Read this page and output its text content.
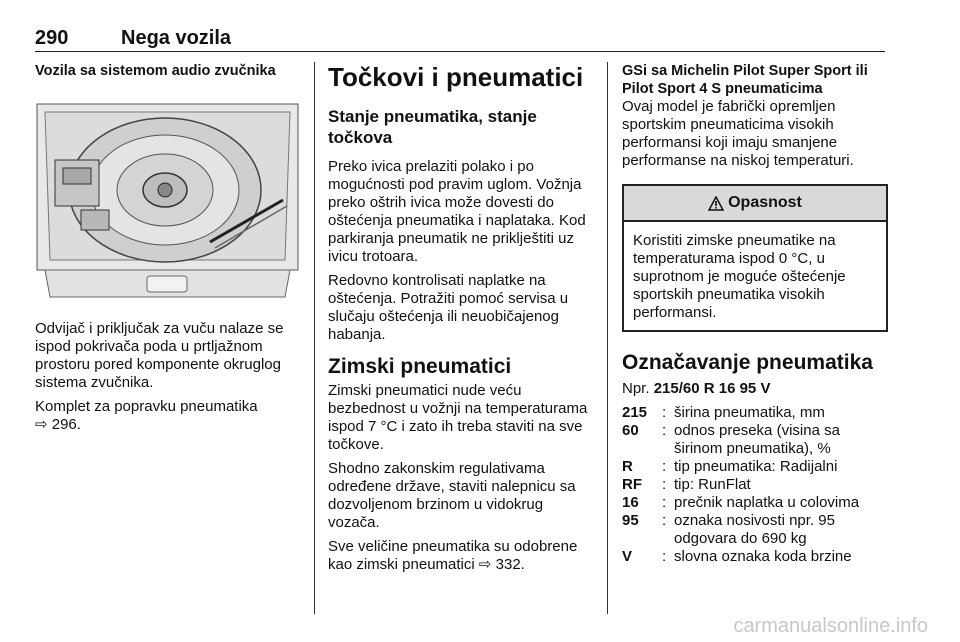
290	Nega vozila

Vozila sa sistemom audio zvučnika

Odvijač i priključak za vuču nalaze se ispod pokrivača poda u prtljažnom prostoru pored komponente okruglog sistema zvučnika.

Komplet za popravku pneumatika
⇨ 296.

Točkovi i pneumatici

Stanje pneumatika, stanje točkova

Preko ivica prelaziti polako i po mogućnosti pod pravim uglom. Vožnja preko oštrih ivica može dovesti do oštećenja pneumatika i naplataka. Kod parkiranja pneumatik ne priklještiti uz ivicu trotoara.

Redovno kontrolisati naplatke na oštećenja. Potražiti pomoć servisa u slučaju oštećenja ili neuobičajenog habanja.

Zimski pneumatici

Zimski pneumatici nude veću bezbednost u vožnji na temperaturama ispod 7 °C i zato ih treba staviti na sve točkove.

Shodno zakonskim regulativama određene države, staviti nalepnicu sa dozvoljenom brzinom u vidokrug vozača.

Sve veličine pneumatika su odobrene kao zimski pneumatici ⇨ 332.

GSi sa Michelin Pilot Super Sport ili Pilot Sport 4 S pneumaticima

Ovaj model je fabrički opremljen sportskim pneumaticima visokih performansi koji imaju smanjene performanse na niskoj temperaturi.

Opasnost
Koristiti zimske pneumatike na temperaturama ispod 0 °C, u suprotnom je moguće oštećenje sportskih pneumatika visokih performansi.

Označavanje pneumatika

Npr. 215/60 R 16 95 V

215 : širina pneumatika, mm
60	: odnos preseka (visina sa širinom pneumatika), %
R	: tip pneumatika: Radijalni
RF	: tip: RunFlat
16	: prečnik naplatka u colovima
95	: oznaka nosivosti npr. 95 odgovara do 690 kg
V	: slovna oznaka koda brzine
carmanualsonline.info
